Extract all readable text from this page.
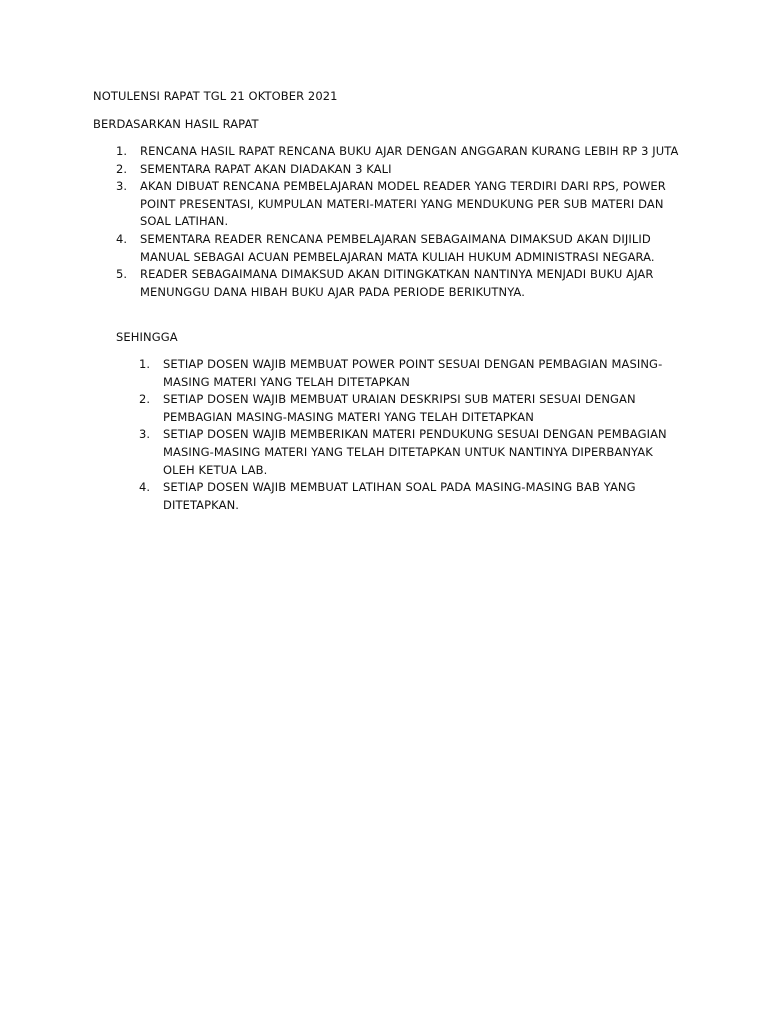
NOTULENSI RAPAT TGL 21 OKTOBER 2021

BERDASARKAN HASIL RAPAT

1. RENCANA HASIL RAPAT RENCANA BUKU AJAR DENGAN ANGGARAN KURANG LEBIH RP 3 JUTA
2. SEMENTARA RAPAT AKAN DIADAKAN 3 KALI
3. AKAN DIBUAT RENCANA PEMBELAJARAN MODEL READER YANG TERDIRI DARI RPS, POWER POINT PRESENTASI, KUMPULAN MATERI-MATERI YANG MENDUKUNG PER SUB MATERI DAN SOAL LATIHAN.
4. SEMENTARA READER RENCANA PEMBELAJARAN SEBAGAIMANA DIMAKSUD AKAN DIJILID MANUAL SEBAGAI ACUAN PEMBELAJARAN MATA KULIAH HUKUM ADMINISTRASI NEGARA.
5. READER SEBAGAIMANA DIMAKSUD AKAN DITINGKATKAN NANTINYA MENJADI BUKU AJAR MENUNGGU DANA HIBAH BUKU AJAR PADA PERIODE BERIKUTNYA.

SEHINGGA

1. SETIAP DOSEN WAJIB MEMBUAT POWER POINT SESUAI DENGAN PEMBAGIAN MASING-MASING MATERI YANG TELAH DITETAPKAN
2. SETIAP DOSEN WAJIB MEMBUAT URAIAN DESKRIPSI SUB MATERI SESUAI DENGAN PEMBAGIAN MASING-MASING MATERI YANG TELAH DITETAPKAN
3. SETIAP DOSEN WAJIB MEMBERIKAN MATERI PENDUKUNG SESUAI DENGAN PEMBAGIAN MASING-MASING MATERI YANG TELAH DITETAPKAN UNTUK NANTINYA DIPERBANYAK OLEH KETUA LAB.
4. SETIAP DOSEN WAJIB MEMBUAT LATIHAN SOAL PADA MASING-MASING BAB YANG DITETAPKAN.
